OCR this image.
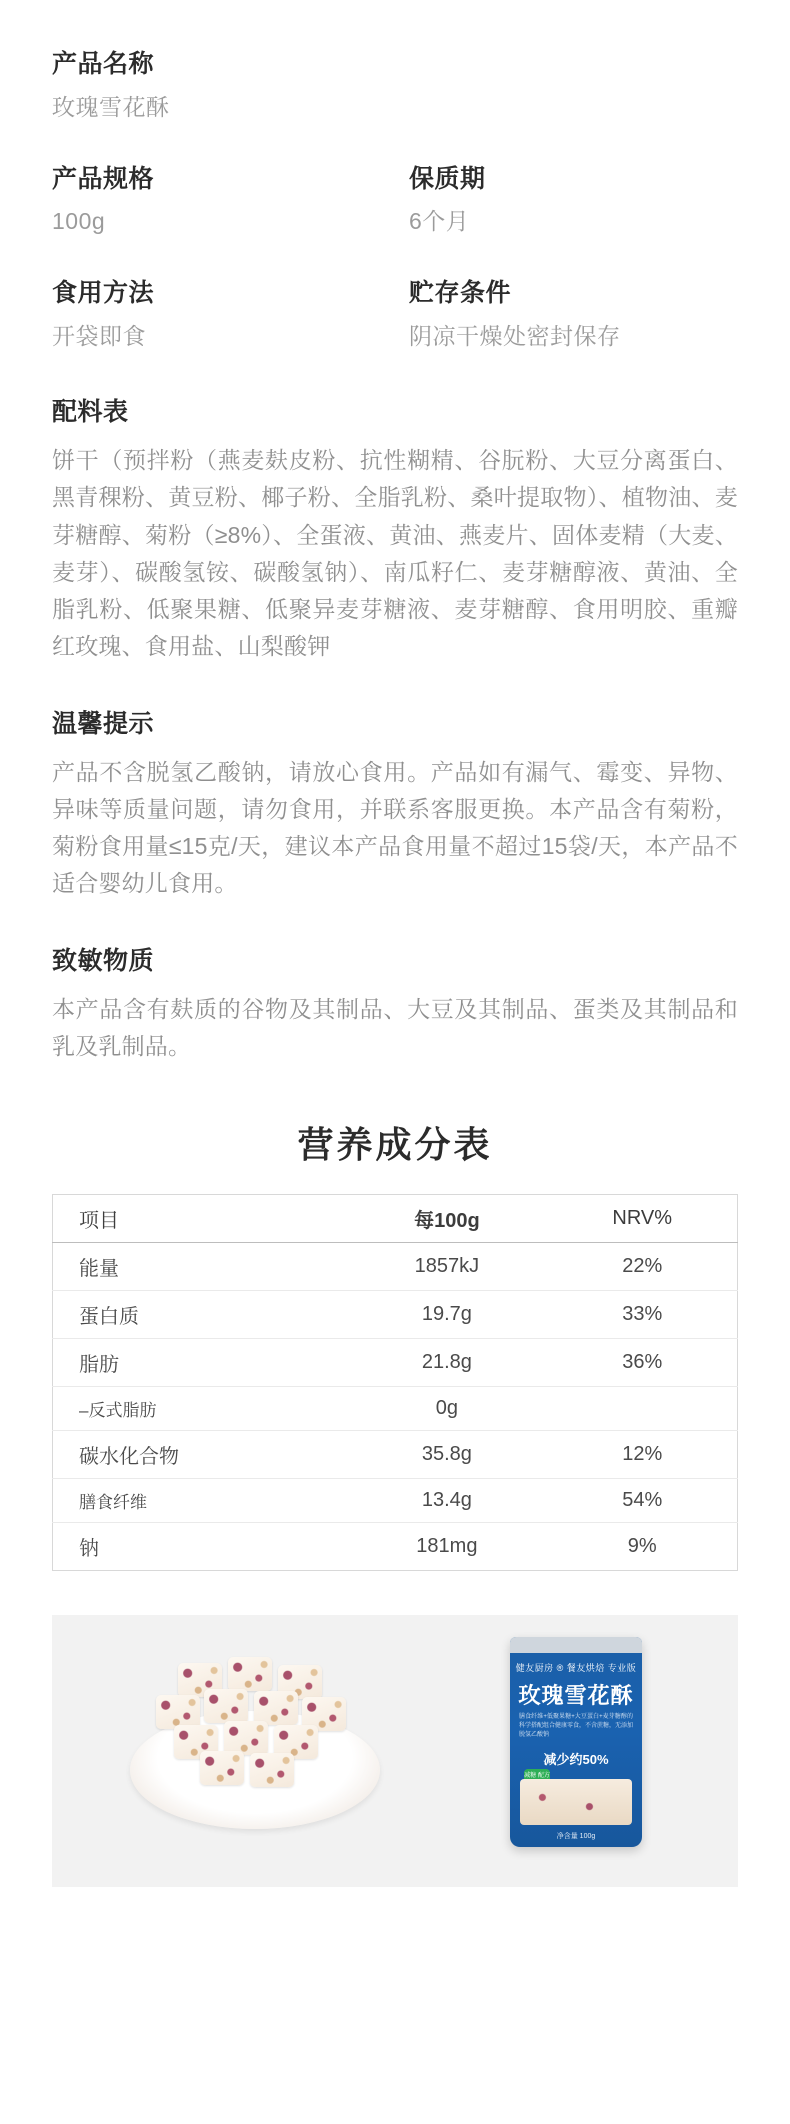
产品名称
玫瑰雪花酥
产品规格
100g
保质期
6个月
食用方法
开袋即食
贮存条件
阴凉干燥处密封保存
配料表
饼干（预拌粉（燕麦麸皮粉、抗性糊精、谷朊粉、大豆分离蛋白、黑青稞粉、黄豆粉、椰子粉、全脂乳粉、桑叶提取物）、植物油、麦芽糖醇、菊粉（≥8%）、全蛋液、黄油、燕麦片、固体麦精（大麦、麦芽）、碳酸氢铵、碳酸氢钠）、南瓜籽仁、麦芽糖醇液、黄油、全脂乳粉、低聚果糖、低聚异麦芽糖液、麦芽糖醇、食用明胶、重瓣红玫瑰、食用盐、山梨酸钾
温馨提示
产品不含脱氢乙酸钠，请放心食用。产品如有漏气、霉变、异物、异味等质量问题，请勿食用，并联系客服更换。本产品含有菊粉，菊粉食用量≤15克/天，建议本产品食用量不超过15袋/天，本产品不适合婴幼儿食用。
致敏物质
本产品含有麸质的谷物及其制品、大豆及其制品、蛋类及其制品和乳及乳制品。
营养成分表
项目	每100g	NRV%
能量	1857kJ	22%
蛋白质	19.7g	33%
脂肪	21.8g	36%
–反式脂肪	0g	
碳水化合物	35.8g	12%
膳食纤维	13.4g	54%
钠	181mg	9%
健友厨房 ® 餐友烘焙 专业版
玫瑰雪花酥
膳食纤维+低聚果糖+大豆蛋白+麦芽糖醇的科学搭配组合健康零食，不含蔗糖，无添加脱氢乙酸钠
减少约50%
减糖 配方
净含量 100g
